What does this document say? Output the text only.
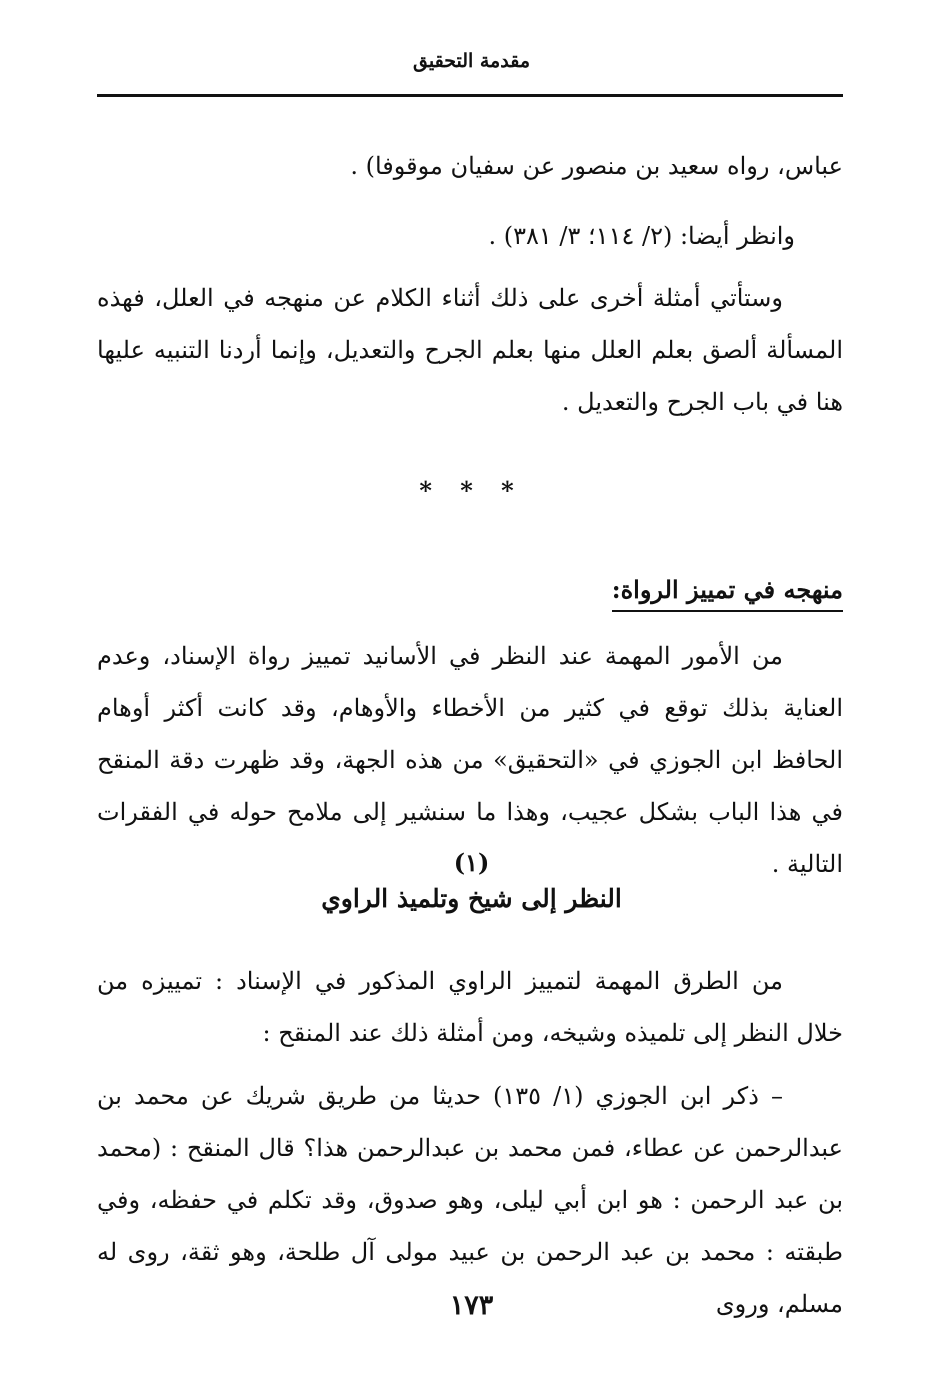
مقدمة التحقيق
عباس، رواه سعيد بن منصور عن سفيان موقوفا) .
وانظر أيضا: (٢/ ١١٤؛ ٣/ ٣٨١) .
وستأتي أمثلة أخرى على ذلك أثناء الكلام عن منهجه في العلل، فهذه المسألة ألصق بعلم العلل منها بعلم الجرح والتعديل، وإنما أردنا التنبيه عليها هنا في باب الجرح والتعديل .
* * *
منهجه في تمييز الرواة:
من الأمور المهمة عند النظر في الأسانيد تمييز رواة الإسناد، وعدم العناية بذلك توقع في كثير من الأخطاء والأوهام، وقد كانت أكثر أوهام الحافظ ابن الجوزي في «التحقيق» من هذه الجهة، وقد ظهرت دقة المنقح في هذا الباب بشكل عجيب، وهذا ما سنشير إلى ملامح حوله في الفقرات التالية .
(١)
النظر إلى شيخ وتلميذ الراوي
من الطرق المهمة لتمييز الراوي المذكور في الإسناد : تمييزه من خلال النظر إلى تلميذه وشيخه، ومن أمثلة ذلك عند المنقح :
– ذكر ابن الجوزي (١/ ١٣٥) حديثا من طريق شريك عن محمد بن عبدالرحمن عن عطاء، فمن محمد بن عبدالرحمن هذا؟ قال المنقح : (محمد بن عبد الرحمن : هو ابن أبي ليلى، وهو صدوق، وقد تكلم في حفظه، وفي طبقته : محمد بن عبد الرحمن بن عبيد مولى آل طلحة، وهو ثقة، روى له مسلم، وروى
١٧٣
